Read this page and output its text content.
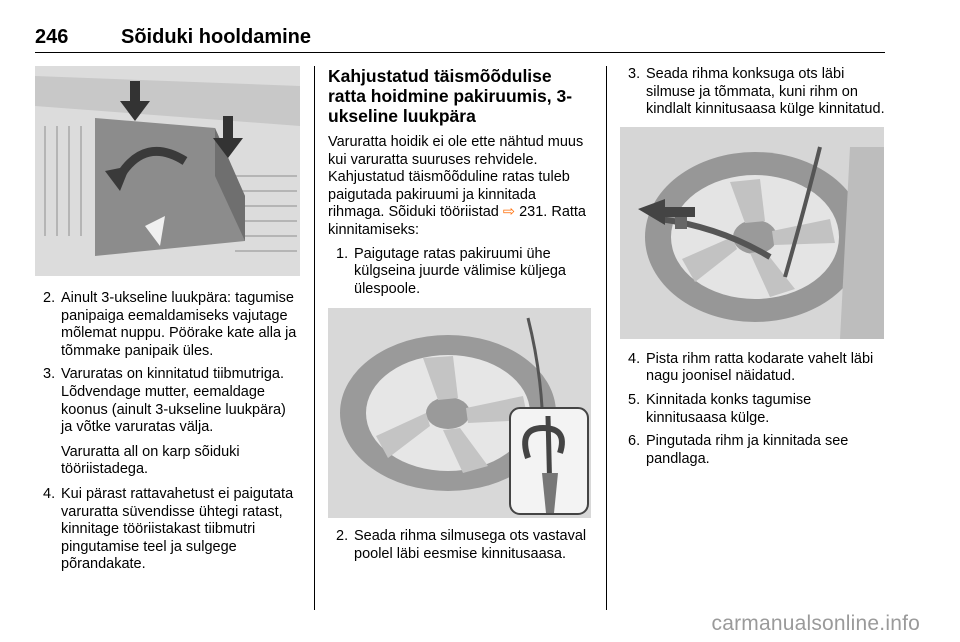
246	Sõiduki hooldamine
2. Ainult 3-ukseline luukpära: tagumise panipaiga eemaldamiseks vajutage mõlemat nuppu. Pöörake kate alla ja tõmmake panipaik üles.
3. Varuratas on kinnitatud tiibmutriga. Lõdvendage mutter, eemaldage koonus (ainult 3-ukseline luukpära) ja võtke varuratas välja.

Varuratta all on karp sõiduki tööriistadega.

4. Kui pärast rattavahetust ei paigutata varuratta süvendisse ühtegi ratast, kinnitage tööriistakast tiibmutri pingutamise teel ja sulgege põrandakate.

Kahjustatud täismõõdulise ratta hoidmine pakiruumis, 3-ukseline luukpära

Varuratta hoidik ei ole ette nähtud muus kui varuratta suuruses rehvidele. Kahjustatud täismõõduline ratas tuleb paigutada pakiruumi ja kinnitada rihmaga. Sõiduki tööriistad ⇨ 231. Ratta kinnitamiseks:

1. Paigutage ratas pakiruumi ühe külgseina juurde välimise küljega ülespoole.
2. Seada rihma silmusega ots vastaval poolel läbi eesmise kinnitusaasa.
3. Seada rihma konksuga ots läbi silmuse ja tõmmata, kuni rihm on kindlalt kinnitusaasa külge kinnitatud.
4. Pista rihm ratta kodarate vahelt läbi nagu joonisel näidatud.
5. Kinnitada konks tagumise kinnitusaasa külge.
6. Pingutada rihm ja kinnitada see pandlaga.
carmanualsonline.info
